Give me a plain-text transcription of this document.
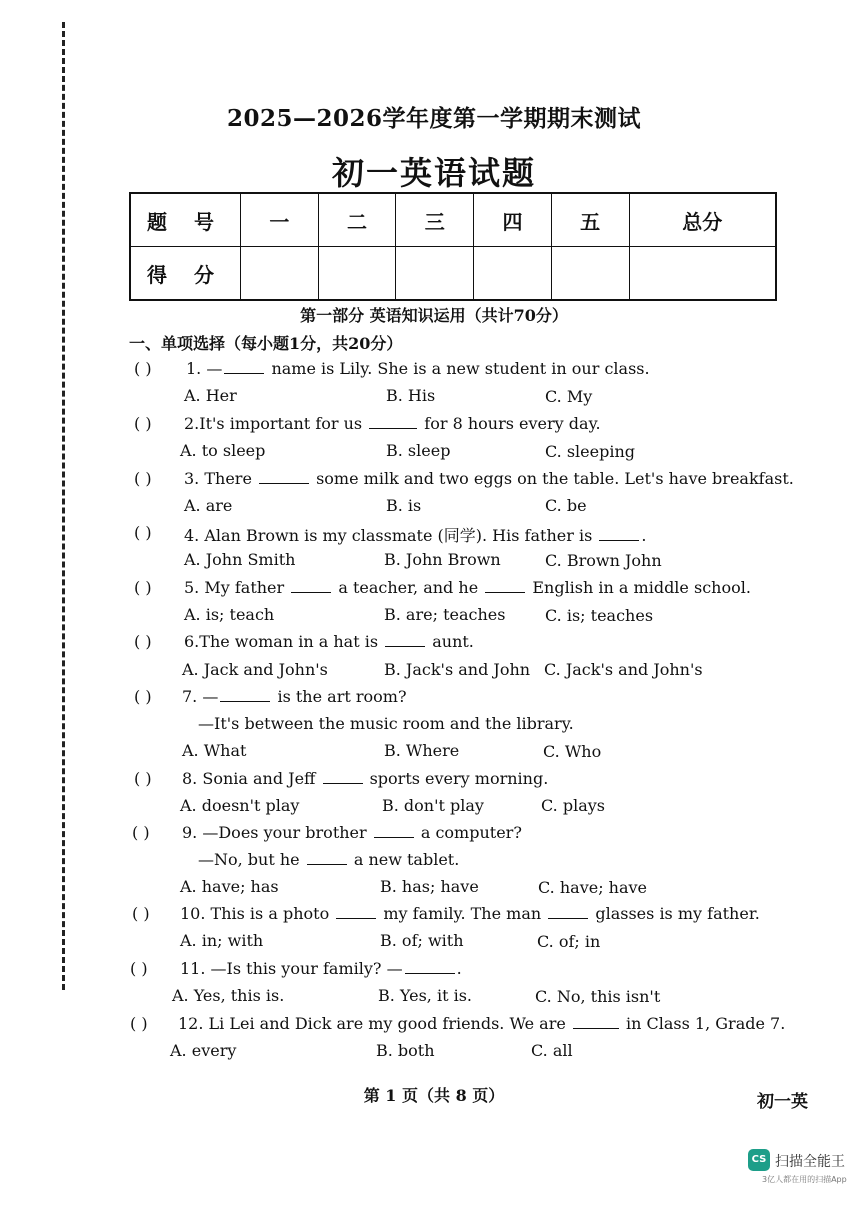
2025—2026学年度第一学期期末测试
初一英语试题
题 号	一	二	三	四	五	总分
得 分						
第一部分 英语知识运用（共计70分）
一、单项选择（每小题1分，共20分）
( ) 1. —	name is Lily. She is a new student in our class.
A. Her	B. His	C. My
( ) 2.It's important for us	for 8 hours every day.
A. to sleep	B. sleep	C. sleeping
( ) 3. There	some milk and two eggs on the table. Let's have breakfast.
A. are	B. is	C. be
( ) 4. Alan Brown is my classmate (同学). His father is	.
A. John Smith	B. John Brown	C. Brown John
( ) 5. My father	a teacher, and he	English in a middle school.
A. is; teach	B. are; teaches C. is; teaches
( ) 6.The woman in a hat is	aunt.
A. Jack and John's	B. Jack's and John C. Jack's and John's
( ) 7. —	is the art room?
—It's between the music room and the library.
A. What	B. Where	C. Who
( ) 8. Sonia and Jeff	sports every morning.
A. doesn't play	B. don't play	C. plays
( ) 9. —Does your brother	a computer?
—No, but he	a new tablet.
A. have; has	B. has; have	C. have; have
( ) 10. This is a photo	my family. The man	glasses is my father.
A. in; with	B. of; with	C. of; in
( ) 11. —Is this your family? —	.
A. Yes, this is.	B. Yes, it is.	C. No, this isn't
( ) 12. Li Lei and Dick are my good friends. We are	in Class 1, Grade 7.
A. every	B. both	C. all
第 1 页（共 8 页）	初一英
CS 扫描全能王
3亿人都在用的扫描App
